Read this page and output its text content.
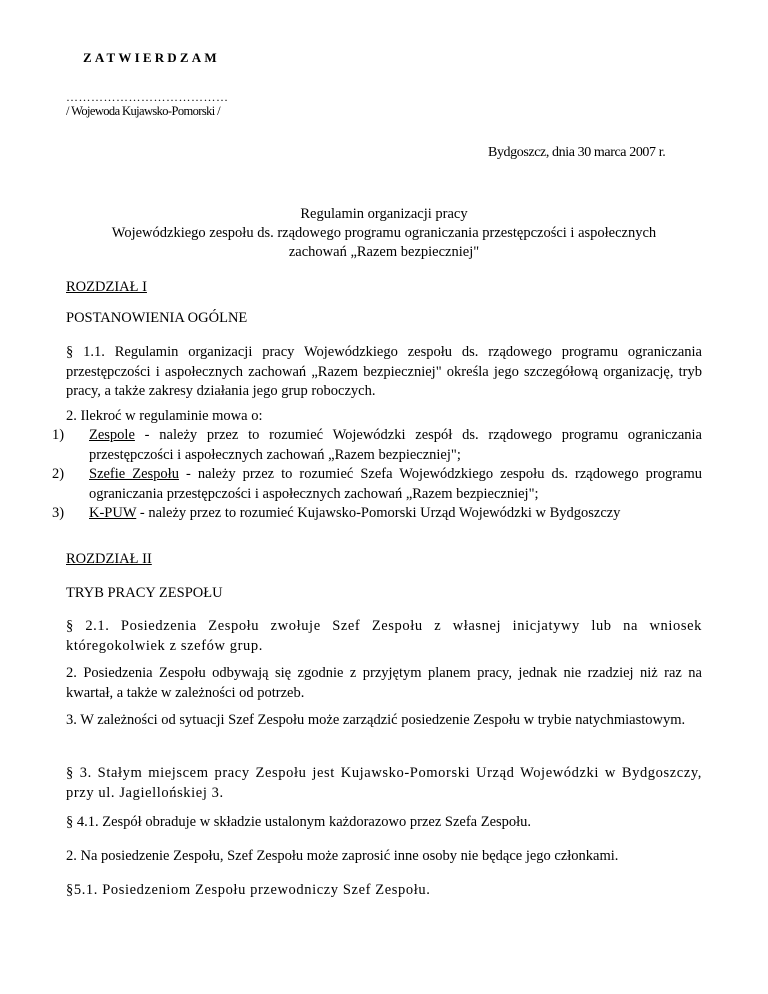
ZATWIERDZAM
…………………………………
/ Wojewoda Kujawsko-Pomorski /
Bydgoszcz, dnia 30 marca 2007 r.
Regulamin organizacji pracy
Wojewódzkiego zespołu ds. rządowego programu ograniczania przestępczości i aspołecznych
zachowań „Razem bezpieczniej"
ROZDZIAŁ I
POSTANOWIENIA OGÓLNE
§ 1.1. Regulamin organizacji pracy Wojewódzkiego zespołu ds. rządowego programu ograniczania przestępczości i aspołecznych zachowań „Razem bezpieczniej" określa jego szczegółową organizację, tryb pracy, a także zakresy działania jego grup roboczych.
2. Ilekroć w regulaminie mowa o:
1) Zespole - należy przez to rozumieć Wojewódzki zespół ds. rządowego programu ograniczania przestępczości i aspołecznych zachowań „Razem bezpieczniej";
2) Szefie Zespołu - należy przez to rozumieć Szefa Wojewódzkiego zespołu ds. rządowego programu ograniczania przestępczości i aspołecznych zachowań „Razem bezpieczniej";
3) K-PUW - należy przez to rozumieć Kujawsko-Pomorski Urząd Wojewódzki w Bydgoszczy
ROZDZIAŁ II
TRYB PRACY ZESPOŁU
§ 2.1. Posiedzenia Zespołu zwołuje Szef Zespołu z własnej inicjatywy lub na wniosek któregokolwiek z szefów grup.
2. Posiedzenia Zespołu odbywają się zgodnie z przyjętym planem pracy, jednak nie rzadziej niż raz na kwartał, a także w zależności od potrzeb.
3. W zależności od sytuacji Szef Zespołu może zarządzić posiedzenie Zespołu w trybie natychmiastowym.
§ 3. Stałym miejscem pracy Zespołu jest Kujawsko-Pomorski Urząd Wojewódzki w Bydgoszczy, przy ul. Jagiellońskiej 3.
§ 4.1. Zespół obraduje w składzie ustalonym każdorazowo przez Szefa Zespołu.
2. Na posiedzenie Zespołu, Szef Zespołu może zaprosić inne osoby nie będące jego członkami.
§5.1. Posiedzeniom Zespołu przewodniczy Szef Zespołu.
